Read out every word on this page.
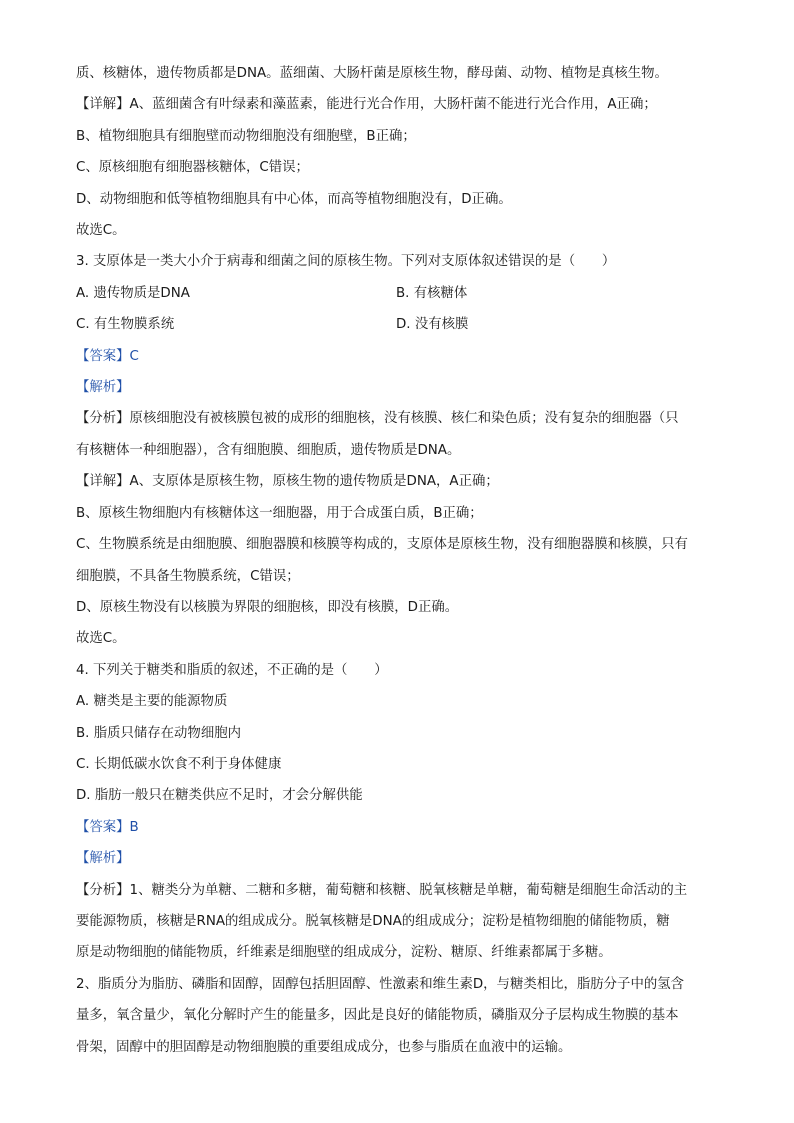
质、核糖体，遗传物质都是DNA。蓝细菌、大肠杆菌是原核生物，酵母菌、动物、植物是真核生物。
【详解】A、蓝细菌含有叶绿素和藻蓝素，能进行光合作用，大肠杆菌不能进行光合作用，A正确；
B、植物细胞具有细胞壁而动物细胞没有细胞壁，B正确；
C、原核细胞有细胞器核糖体，C错误；
D、动物细胞和低等植物细胞具有中心体，而高等植物细胞没有，D正确。
故选C。
3. 支原体是一类大小介于病毒和细菌之间的原核生物。下列对支原体叙述错误的是（　　）
A. 遗传物质是DNA	B. 有核糖体
C. 有生物膜系统	D. 没有核膜
【答案】C
【解析】
【分析】原核细胞没有被核膜包被的成形的细胞核，没有核膜、核仁和染色质；没有复杂的细胞器（只
有核糖体一种细胞器），含有细胞膜、细胞质，遗传物质是DNA。
【详解】A、支原体是原核生物，原核生物的遗传物质是DNA，A正确；
B、原核生物细胞内有核糖体这一细胞器，用于合成蛋白质，B正确；
C、生物膜系统是由细胞膜、细胞器膜和核膜等构成的，支原体是原核生物，没有细胞器膜和核膜，只有
细胞膜，不具备生物膜系统，C错误；
D、原核生物没有以核膜为界限的细胞核，即没有核膜，D正确。
故选C。
4. 下列关于糖类和脂质的叙述，不正确的是（　　）
A. 糖类是主要的能源物质
B. 脂质只储存在动物细胞内
C. 长期低碳水饮食不利于身体健康
D. 脂肪一般只在糖类供应不足时，才会分解供能
【答案】B
【解析】
【分析】1、糖类分为单糖、二糖和多糖，葡萄糖和核糖、脱氧核糖是单糖，葡萄糖是细胞生命活动的主
要能源物质，核糖是RNA的组成成分。脱氧核糖是DNA的组成成分；淀粉是植物细胞的储能物质，糖
原是动物细胞的储能物质，纤维素是细胞壁的组成成分，淀粉、糖原、纤维素都属于多糖。
2、脂质分为脂肪、磷脂和固醇，固醇包括胆固醇、性激素和维生素D，与糖类相比，脂肪分子中的氢含
量多，氧含量少，氧化分解时产生的能量多，因此是良好的储能物质，磷脂双分子层构成生物膜的基本
骨架，固醇中的胆固醇是动物细胞膜的重要组成成分，也参与脂质在血液中的运输。
